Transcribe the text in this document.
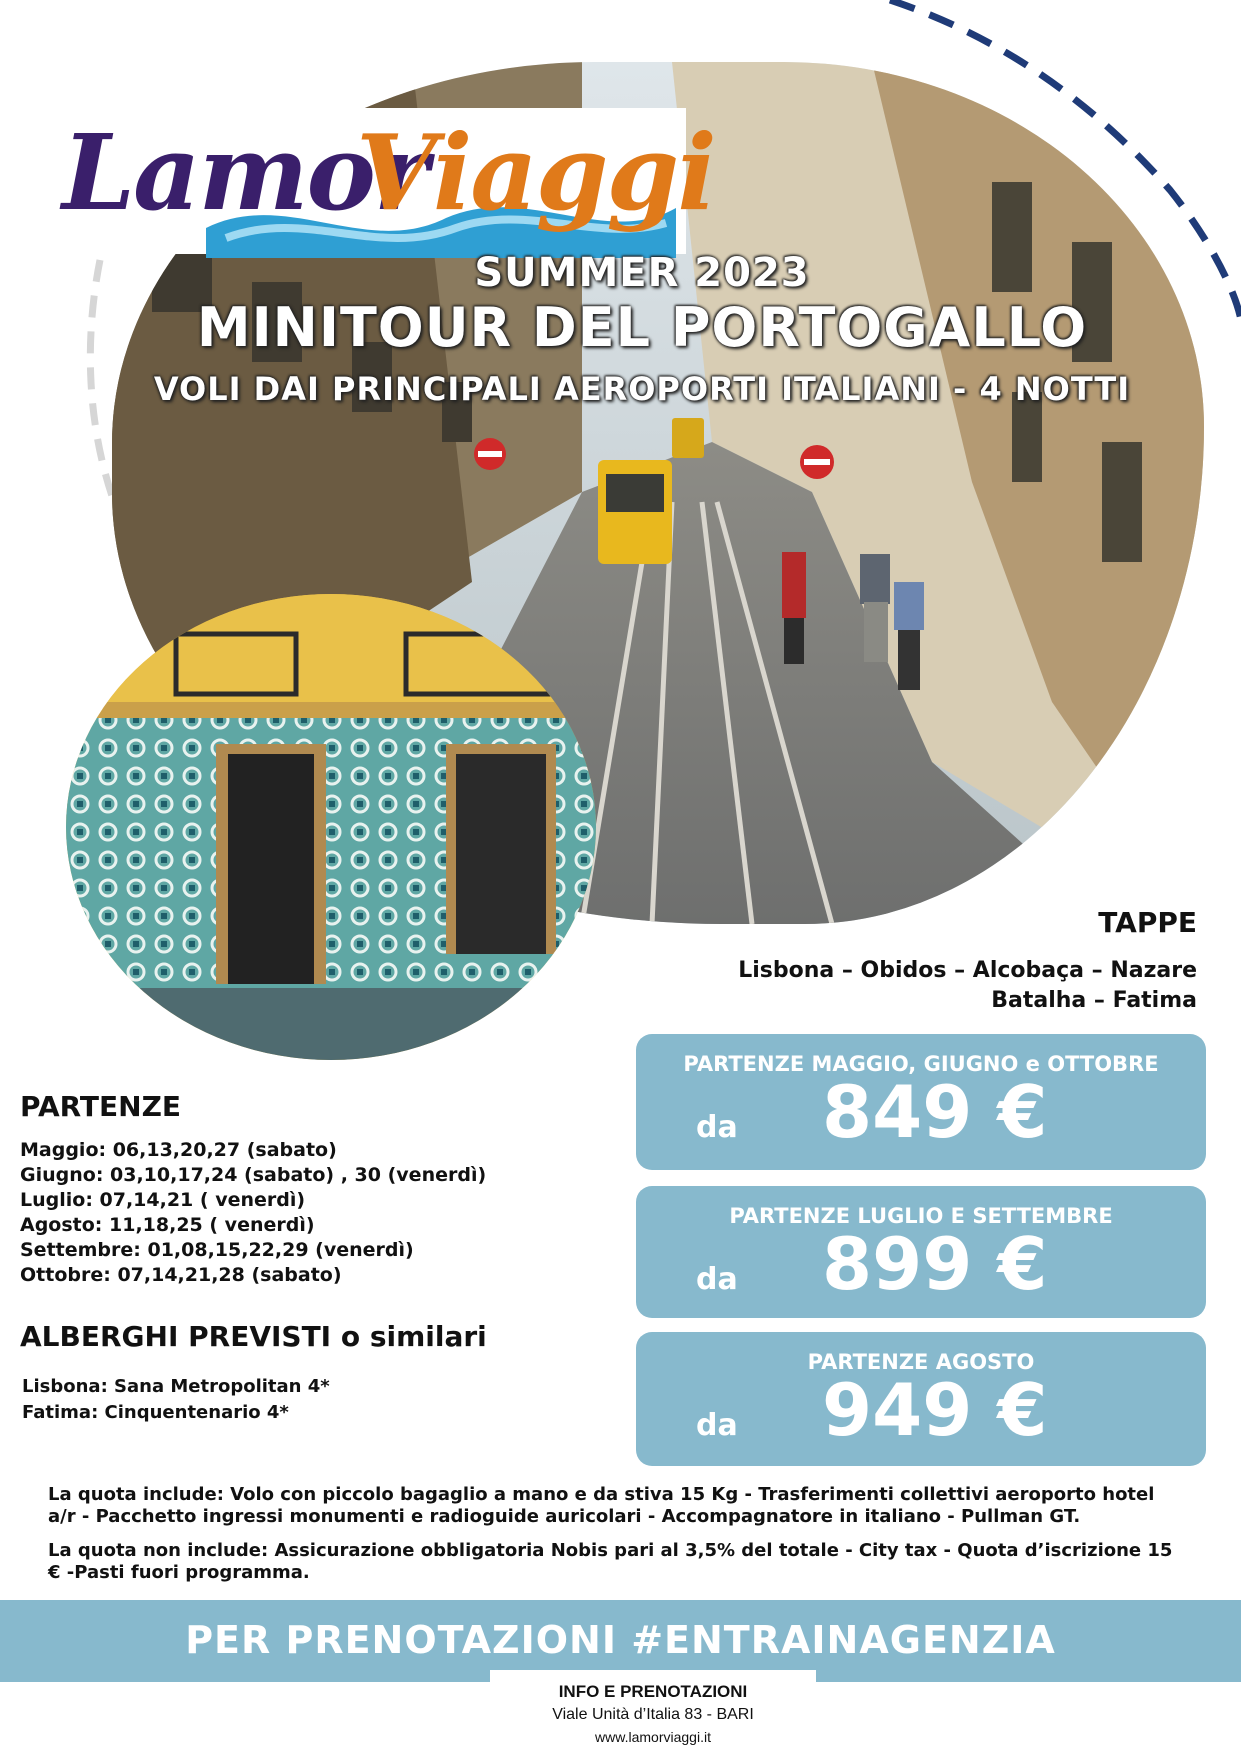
Lamor
Viaggi
SUMMER 2023
MINITOUR DEL PORTOGALLO
VOLI DAI PRINCIPALI AEROPORTI ITALIANI - 4 NOTTI
TAPPE
Lisbona – Obidos – Alcobaça – Nazare
Batalha – Fatima
PARTENZE MAGGIO, GIUGNO e OTTOBRE
da 849 €
PARTENZE LUGLIO E SETTEMBRE
da 899 €
PARTENZE AGOSTO
da 949 €
PARTENZE
Maggio: 06,13,20,27 (sabato)
Giugno: 03,10,17,24 (sabato) , 30 (venerdì)
Luglio: 07,14,21 ( venerdì)
Agosto: 11,18,25 ( venerdì)
Settembre: 01,08,15,22,29 (venerdì)
Ottobre: 07,14,21,28 (sabato)
ALBERGHI PREVISTI o similari
Lisbona: Sana Metropolitan 4*
Fatima: Cinquentenario 4*
La quota include: Volo con piccolo bagaglio a mano e da stiva 15 Kg - Trasferimenti collettivi aeroporto hotel a/r - Pacchetto ingressi monumenti e radioguide auricolari - Accompagnatore in italiano - Pullman GT.
La quota non include: Assicurazione obbligatoria Nobis pari al 3,5% del totale - City tax - Quota d’iscrizione 15 € -Pasti fuori programma.
PER PRENOTAZIONI #ENTRAINAGENZIA
INFO E PRENOTAZIONI
Viale Unità d’Italia 83 - BARI
www.lamorviaggi.it
